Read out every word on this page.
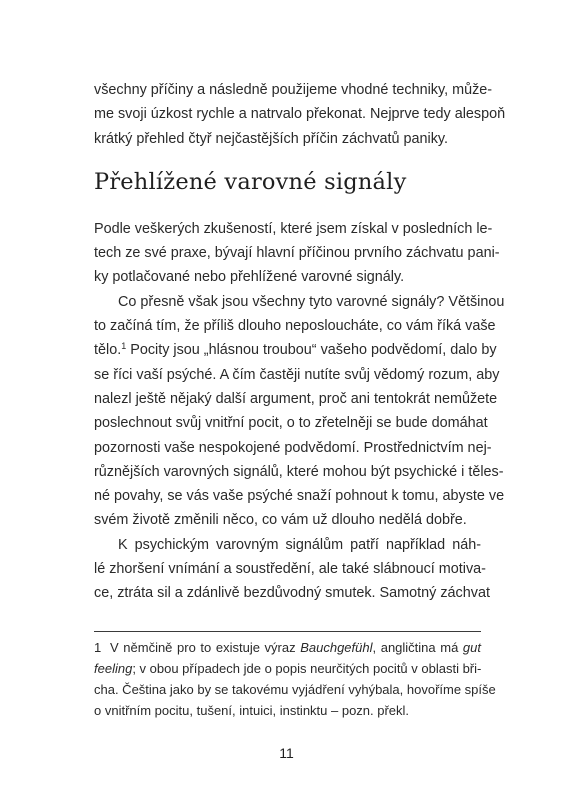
všechny příčiny a následně použijeme vhodné techniky, může-
me svoji úzkost rychle a natrvalo překonat. Nejprve tedy alespoň
krátký přehled čtyř nejčastějších příčin záchvatů paniky.

Přehlížené varovné signály

Podle veškerých zkušeností, které jsem získal v posledních le-
tech ze své praxe, bývají hlavní příčinou prvního záchvatu pani-
ky potlačované nebo přehlížené varovné signály.

Co přesně však jsou všechny tyto varovné signály? Většinou
to začíná tím, že příliš dlouho neposloucháte, co vám říká vaše
tělo.$^1$ Pocity jsou „hlásnou troubou“ vašeho podvědomí, dalo by
se říci vaší psýché. A čím častěji nutíte svůj vědomý rozum, aby
nalezl ještě nějaký další argument, proč ani tentokrát nemůžete
poslechnout svůj vnitřní pocit, o to zřetelněji se bude domáhat
pozornosti vaše nespokojené podvědomí. Prostřednictvím nej-
různějších varovných signálů, které mohou být psychické i těles-
né povahy, se vás vaše psýché snaží pohnout k tomu, abyste ve
svém životě změnili něco, co vám už dlouho nedělá dobře.

K psychickým varovným signálům patří například náh-
lé zhoršení vnímání a soustředění, ale také slábnoucí motiva-
ce, ztráta sil a zdánlivě bezdůvodný smutek. Samotný záchvat

1 V němčině pro to existuje výraz Bauchgefühl, angličtina má gut
feeling; v obou případech jde o popis neurčitých pocitů v oblasti bři-
cha. Čeština jako by se takovému vyjádření vyhýbala, hovoříme spíše
o vnitřním pocitu, tušení, intuici, instinktu – pozn. překl.

11
